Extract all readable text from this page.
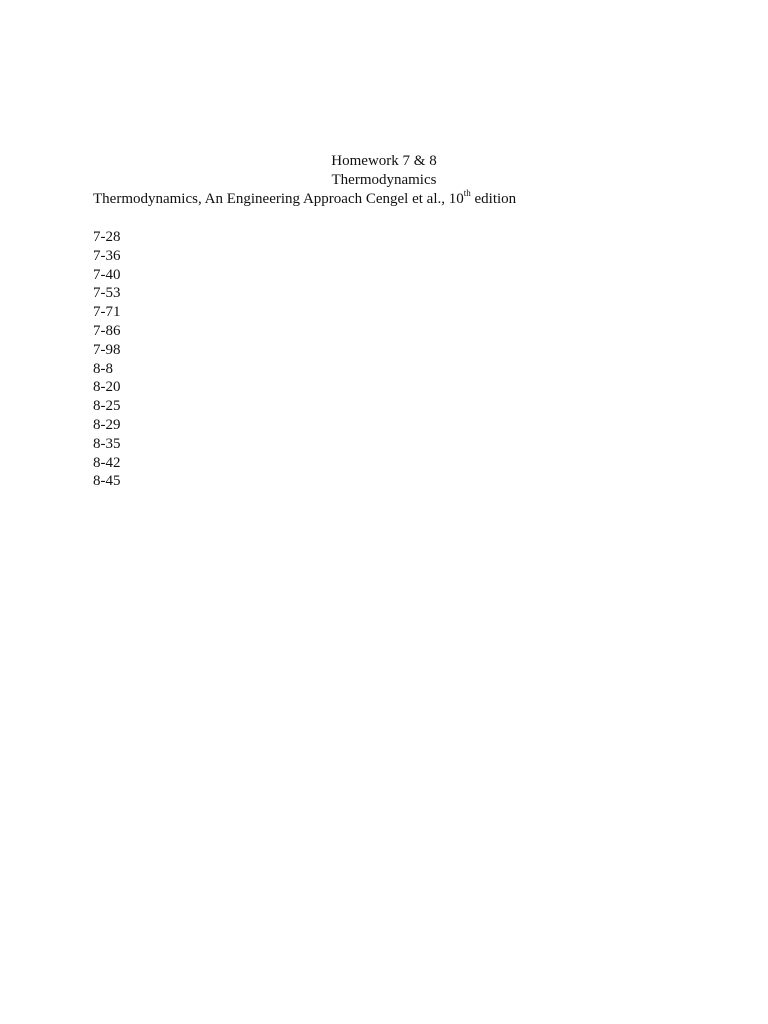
Homework 7 & 8
Thermodynamics
Thermodynamics, An Engineering Approach Cengel et al., 10th edition
7-28
7-36
7-40
7-53
7-71
7-86
7-98
8-8
8-20
8-25
8-29
8-35
8-42
8-45
